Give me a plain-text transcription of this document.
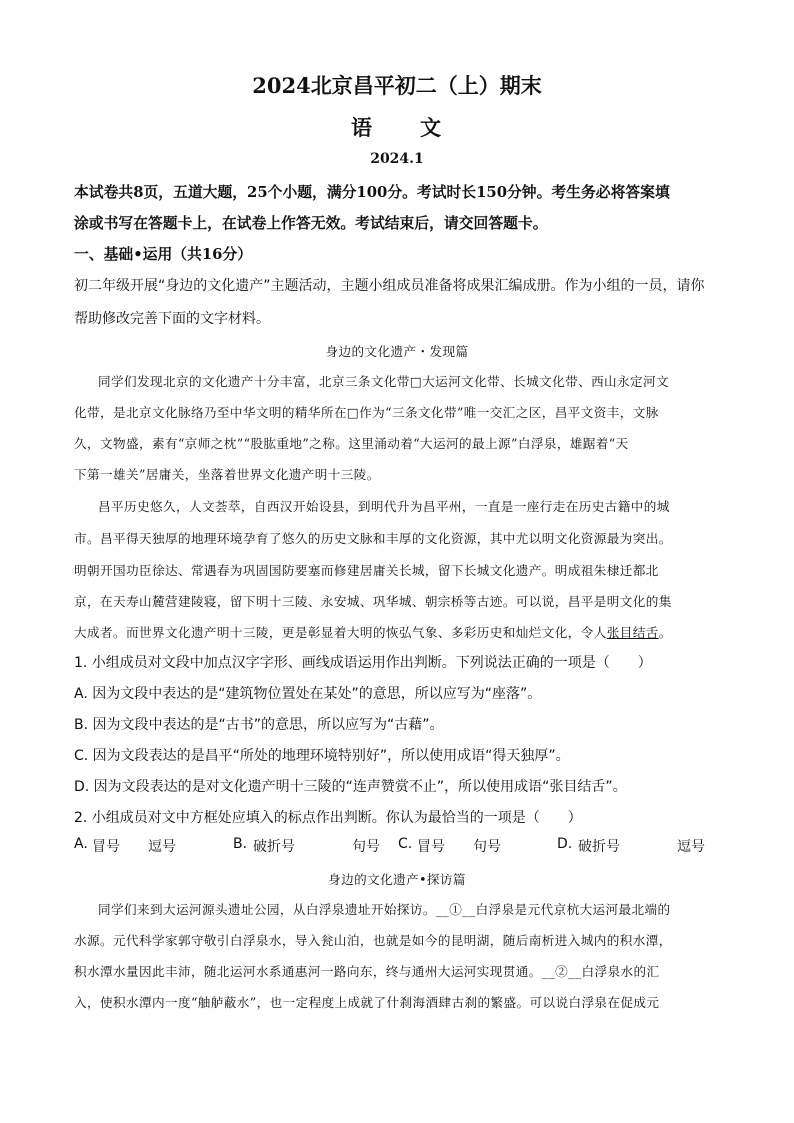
2024北京昌平初二（上）期末
语　　文
2024.1
本试卷共8页，五道大题，25个小题，满分100分。考试时长150分钟。考生务必将答案填
涂或书写在答题卡上，在试卷上作答无效。考试结束后，请交回答题卡。
一、基础•运用（共16分）
初二年级开展“身边的文化遗产”主题活动，主题小组成员准备将成果汇编成册。作为小组的一员，请你
帮助修改完善下面的文字材料。
身边的文化遗产・发现篇
同学们发现北京的文化遗产十分丰富，北京三条文化带□大运河文化带、长城文化带、西山永定河文
化带，是北京文化脉络乃至中华文明的精华所在□作为“三条文化带”唯一交汇之区，昌平文资丰，文脉
久，文物盛，素有“京师之枕”“股肱重地”之称。这里涌动着“大运河的最上源”白浮泉，雄踞着“天
下第一雄关”居庸关，坐落着世界文化遗产明十三陵。
昌平历史悠久，人文荟萃，自西汉开始设县，到明代升为昌平州，一直是一座行走在历史古籍中的城
市。昌平得天独厚的地理环境孕育了悠久的历史文脉和丰厚的文化资源，其中尤以明文化资源最为突出。
明朝开国功臣徐达、常遇春为巩固国防要塞而修建居庸关长城，留下长城文化遗产。明成祖朱棣迁都北
京，在天寿山麓营建陵寝，留下明十三陵、永安城、巩华城、朝宗桥等古迹。可以说，昌平是明文化的集
大成者。而世界文化遗产明十三陵，更是彰显着大明的恢弘气象、多彩历史和灿烂文化，令人张目结舌。
1. 小组成员对文段中加点汉字字形、画线成语运用作出判断。下列说法正确的一项是（　　）
A. 因为文段中表达的是“建筑物位置处在某处”的意思，所以应写为“座落”。
B. 因为文段中表达的是“古书”的意思，所以应写为“古藉”。
C. 因为文段表达的是昌平“所处的地理环境特别好”，所以使用成语“得天独厚”。
D. 因为文段表达的是对文化遗产明十三陵的“连声赞赏不止”，所以使用成语“张目结舌”。
2. 小组成员对文中方框处应填入的标点作出判断。你认为最恰当的一项是（　　）
A. 冒号 逗号	B. 破折号	句号 C. 冒号 句号	D. 破折号	逗号
身边的文化遗产•探访篇
同学们来到大运河源头遗址公园，从白浮泉遗址开始探访。__①__白浮泉是元代京杭大运河最北端的
水源。元代科学家郭守敬引白浮泉水，导入瓮山泊，也就是如今的昆明湖，随后南析进入城内的积水潭，
积水潭水量因此丰沛，随北运河水系通惠河一路向东，终与通州大运河实现贯通。__②__白浮泉水的汇
入，使积水潭内一度“舳舻蔽水”，也一定程度上成就了什刹海酒肆古刹的繁盛。可以说白浮泉在促成元
